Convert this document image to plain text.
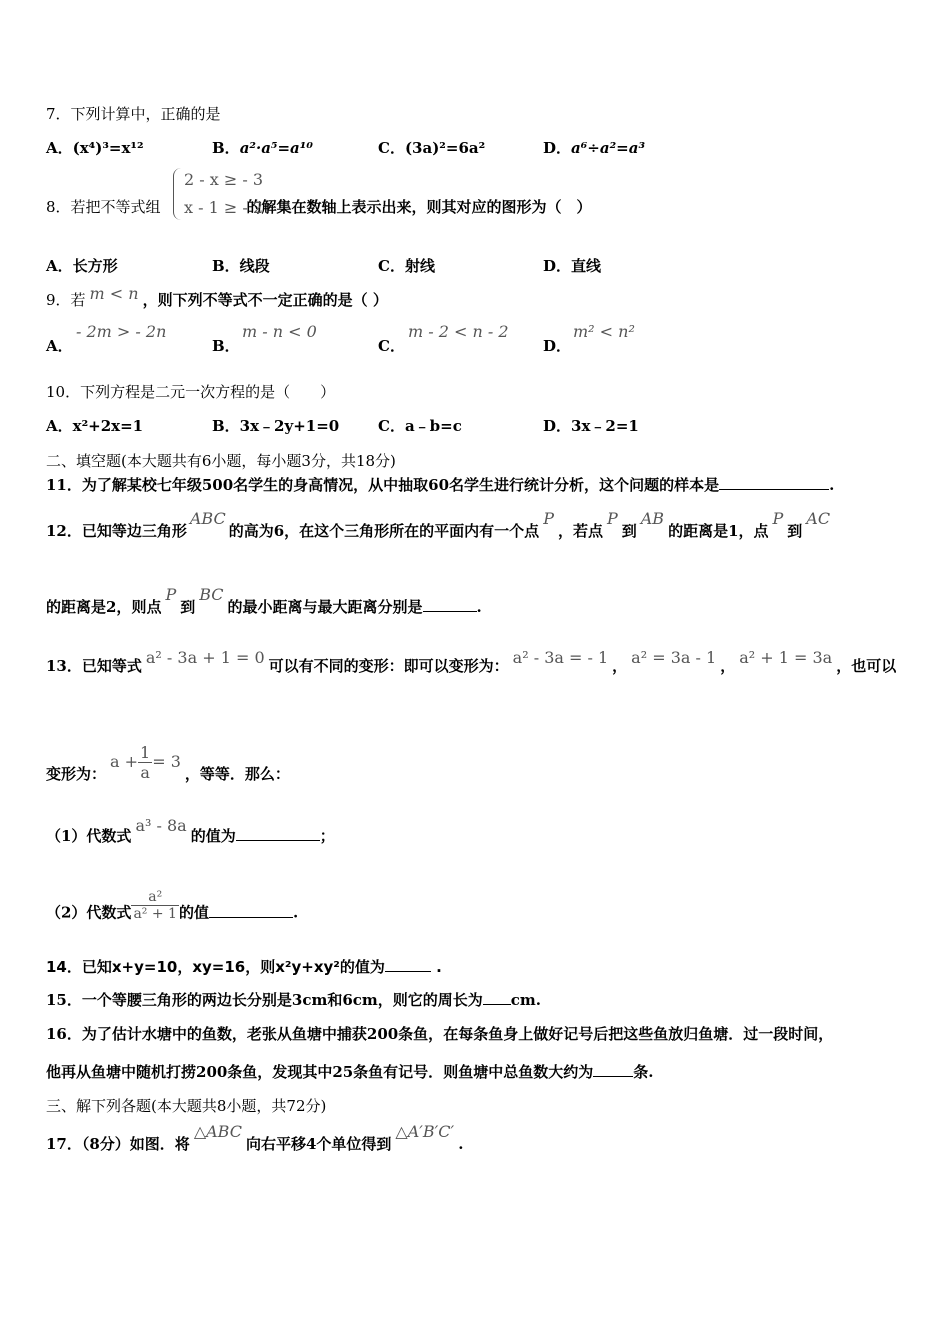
7．下列计算中，正确的是
A．(x⁴)³=x¹²	B．a²·a⁵=a¹⁰	C．(3a)²=6a²	D．a⁶÷a²=a³
8．若把不等式组	的解集在数轴上表示出来，则其对应的图形为（　）
2 - x ≥ - 3
x - 1 ≥ - 2
A．长方形	B．线段	C．射线	D．直线
9．若 m < n ，则下列不等式不一定正确的是（ ）
A．
- 2m > - 2n
B．
m - n < 0
C．
m - 2 < n - 2
D．
m² < n²
10．下列方程是二元一次方程的是（　　）
A．x²+2x=1	B．3x﹣2y+1=0	C．a﹣b=c	D．3x﹣2=1
二、填空题(本大题共有6小题，每小题3分，共18分)
11．为了解某校七年级500名学生的身高情况，从中抽取60名学生进行统计分析，这个问题的样本是	.
12．已知等边三角形ABC的高为6，在这个三角形所在的平面内有一个点P，若点P到AB的距离是1，点P到AC
的距离是2，则点P到BC的最小距离与最大距离分别是	.
13．已知等式 a² - 3a + 1 = 0 可以有不同的变形：即可以变形为： a² - 3a = - 1 ， a² = 3a - 1 ， a² + 1 = 3a ，也可以
变形为：$a + \frac{1}{a} = 3$，等等．那么：
（1）代数式a³ - 8a的值为	；
（2）代数式 $\frac{\text{a²}}{\text{a² + 1}}$ 的值	.
14．已知x+y=10，xy=16，则x²y+xy²的值为	.
15．一个等腰三角形的两边长分别是3cm和6cm，则它的周长为 cm.
16．为了估计水塘中的鱼数，老张从鱼塘中捕获200条鱼，在每条鱼身上做好记号后把这些鱼放归鱼塘．过一段时间，
他再从鱼塘中随机打捞200条鱼，发现其中25条鱼有记号．则鱼塘中总鱼数大约为	条.
三、解下列各题(本大题共8小题，共72分)
17．（8分）如图．将△ABC向右平移4个单位得到△A′B′C′.
